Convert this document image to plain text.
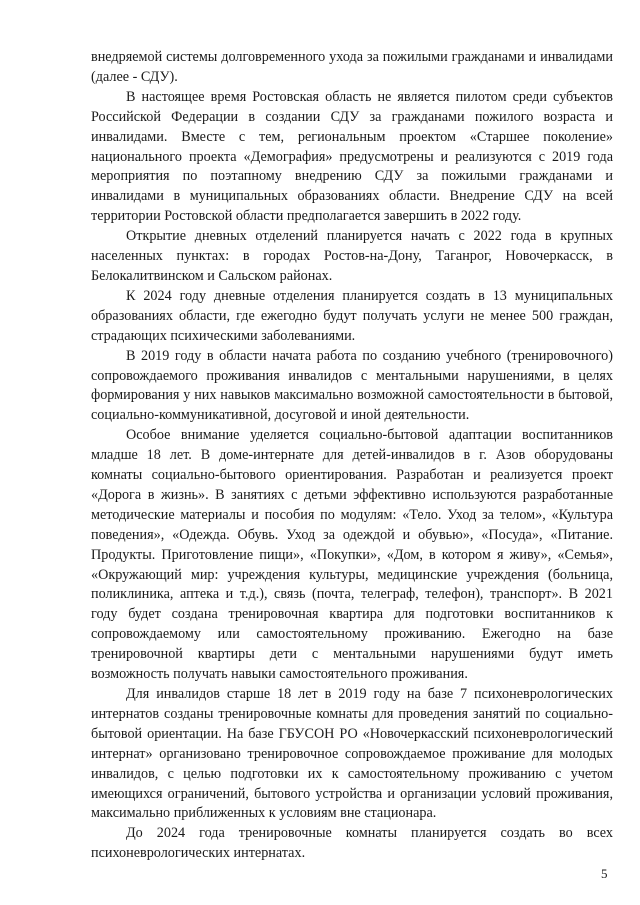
внедряемой системы долговременного ухода за пожилыми гражданами и инвалидами (далее - СДУ).

В настоящее время Ростовская область не является пилотом среди субъектов Российской Федерации в создании СДУ за гражданами пожилого возраста и инвалидами. Вместе с тем, региональным проектом «Старшее поколение» национального проекта «Демография» предусмотрены и реализуются с 2019 года мероприятия по поэтапному внедрению СДУ за пожилыми гражданами и инвалидами в муниципальных образованиях области. Внедрение СДУ на всей территории Ростовской области предполагается завершить в 2022 году.

Открытие дневных отделений планируется начать с 2022 года в крупных населенных пунктах: в городах Ростов-на-Дону, Таганрог, Новочеркасск, в Белокалитвинском и Сальском районах.

К 2024 году дневные отделения планируется создать в 13 муниципальных образованиях области, где ежегодно будут получать услуги не менее 500 граждан, страдающих психическими заболеваниями.

В 2019 году в области начата работа по созданию учебного (тренировочного) сопровождаемого проживания инвалидов с ментальными нарушениями, в целях формирования у них навыков максимально возможной самостоятельности в бытовой, социально-коммуникативной, досуговой и иной деятельности.

Особое внимание уделяется социально-бытовой адаптации воспитанников младше 18 лет. В доме-интернате для детей-инвалидов в г. Азов оборудованы комнаты социально-бытового ориентирования. Разработан и реализуется проект «Дорога в жизнь». В занятиях с детьми эффективно используются разработанные методические материалы и пособия по модулям: «Тело. Уход за телом», «Культура поведения», «Одежда. Обувь. Уход за одеждой и обувью», «Посуда», «Питание. Продукты. Приготовление пищи», «Покупки», «Дом, в котором я живу», «Семья», «Окружающий мир: учреждения культуры, медицинские учреждения (больница, поликлиника, аптека и т.д.), связь (почта, телеграф, телефон), транспорт». В 2021 году будет создана тренировочная квартира для подготовки воспитанников к сопровождаемому или самостоятельному проживанию. Ежегодно на базе тренировочной квартиры дети с ментальными нарушениями будут иметь возможность получать навыки самостоятельного проживания.

Для инвалидов старше 18 лет в 2019 году на базе 7 психоневрологических интернатов созданы тренировочные комнаты для проведения занятий по социально-бытовой ориентации. На базе ГБУСОН РО «Новочеркасский психоневрологический интернат» организовано тренировочное сопровождаемое проживание для молодых инвалидов, с целью подготовки их к самостоятельному проживанию с учетом имеющихся ограничений, бытового устройства и организации условий проживания, максимально приближенных к условиям вне стационара.

До 2024 года тренировочные комнаты планируется создать во всех психоневрологических интернатах.

5
